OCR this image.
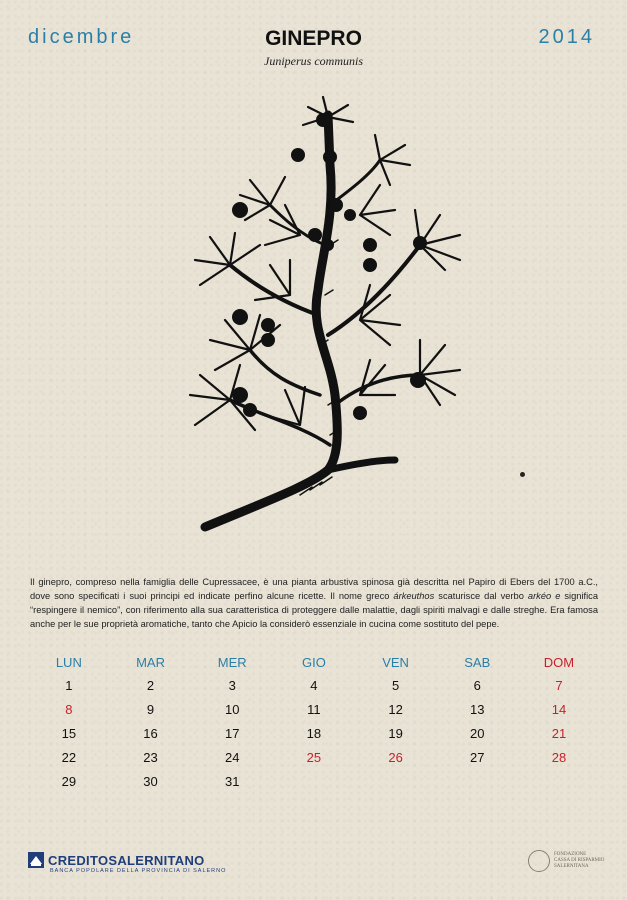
dicembre	GINEPRO
Juniperus communis
2014
Il ginepro, compreso nella famiglia delle Cupressacee, è una pianta arbustiva spinosa già descritta nel Papiro di Ebers del 1700 a.C., dove sono specificati i suoi principi ed indicate perfino alcune ricette. Il nome greco árkeuthos scaturisce dal verbo arkéo e significa “respingere il nemico”, con riferimento alla sua caratteristica di proteggere dalle malattie, dagli spiriti malvagi e dalle streghe. Era famosa anche per le sue proprietà aromatiche, tanto che Apicio la considerò essenziale in cucina come sostituto del pepe.
LUN	MAR	MER	GIO	VEN	SAB	DOM
1	2	3	4	5	6	7
8	9	10	11	12	13	14
15	16	17	18	19	20	21
22	23	24	25	26	27	28
29	30	31
CREDITOSALERNITANO
BANCA POPOLARE DELLA PROVINCIA DI SALERNO
FONDAZIONE
CASSA DI RISPARMIO
SALERNITANA
